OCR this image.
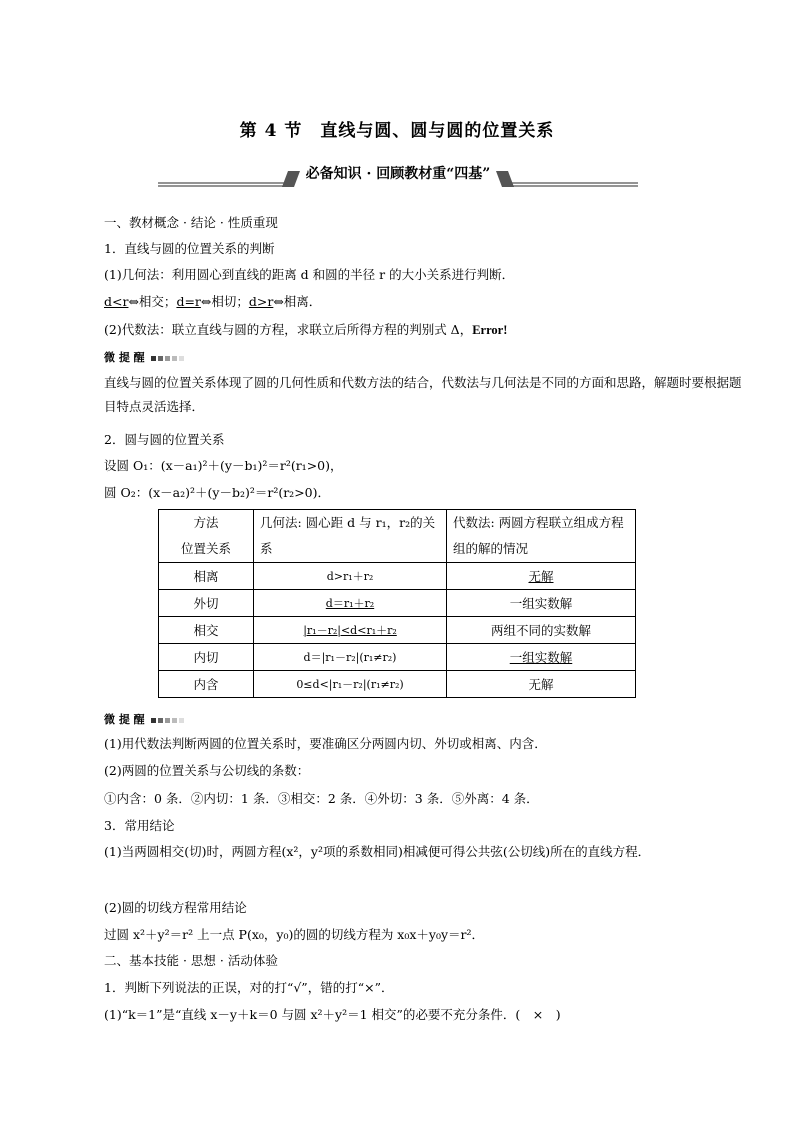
第 4 节　直线与圆、圆与圆的位置关系
必备知识 · 回顾教材重“四基”
一、教材概念 · 结论 · 性质重现
1．直线与圆的位置关系的判断
(1)几何法：利用圆心到直线的距离 d 和圆的半径 r 的大小关系进行判断．
d<r⇔相交；d=r⇔相切；d>r⇔相离．
(2)代数法：联立直线与圆的方程，求联立后所得方程的判别式 Δ，Error!
微 提 醒
直线与圆的位置关系体现了圆的几何性质和代数方法的结合，代数法与几何法是不同的方面和思路，解题时要根据题目特点灵活选择．
2．圆与圆的位置关系
设圆 O₁：(x－a₁)²＋(y－b₁)²＝r²(r₁>0)，
圆 O₂：(x－a₂)²＋(y－b₂)²＝r²(r₂>0)．
方法
位置关系	几何法: 圆心距 d 与 r₁，r₂的关系	代数法: 两圆方程联立组成方程组的解的情况
相离	d>r₁＋r₂	无解
外切	d＝r₁＋r₂	一组实数解
相交	|r₁－r₂|<d<r₁＋r₂	两组不同的实数解
内切	d＝|r₁－r₂|(r₁≠r₂)	一组实数解
内含	0≤d<|r₁－r₂|(r₁≠r₂)	无解
微 提 醒
(1)用代数法判断两圆的位置关系时，要准确区分两圆内切、外切或相离、内含．
(2)两圆的位置关系与公切线的条数：
①内含：0 条．②内切：1 条．③相交：2 条．④外切：3 条．⑤外离：4 条．
3．常用结论
(1)当两圆相交(切)时，两圆方程(x²，y²项的系数相同)相减便可得公共弦(公切线)所在的直线方程．
(2)圆的切线方程常用结论
过圆 x²＋y²＝r² 上一点 P(x₀，y₀)的圆的切线方程为 x₀x＋y₀y＝r²．
二、基本技能 · 思想 · 活动体验
1．判断下列说法的正误，对的打“√”，错的打“×”．
(1)“k＝1”是“直线 x－y＋k＝0 与圆 x²＋y²＝1 相交”的必要不充分条件．(　×　)
